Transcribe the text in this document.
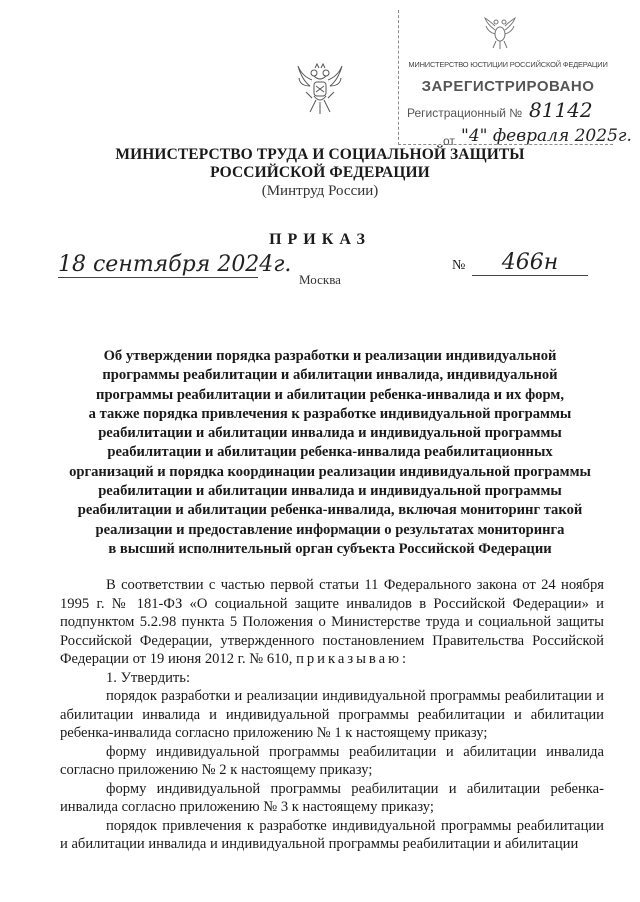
МИНИСТЕРСТВО ЮСТИЦИИ РОССИЙСКОЙ ФЕДЕРАЦИИ
ЗАРЕГИСТРИРОВАНО
Регистрационный № 81142
от "4" февраля 2025г.
МИНИСТЕРСТВО ТРУДА И СОЦИАЛЬНОЙ ЗАЩИТЫ
РОССИЙСКОЙ ФЕДЕРАЦИИ
(Минтруд России)
ПРИКАЗ
18 сентября 2024г.
Москва
№	466н
Об утверждении порядка разработки и реализации индивидуальной
программы реабилитации и абилитации инвалида, индивидуальной
программы реабилитации и абилитации ребенка-инвалида и их форм,
а также порядка привлечения к разработке индивидуальной программы
реабилитации и абилитации инвалида и индивидуальной программы
реабилитации и абилитации ребенка-инвалида реабилитационных
организаций и порядка координации реализации индивидуальной программы
реабилитации и абилитации инвалида и индивидуальной программы
реабилитации и абилитации ребенка-инвалида, включая мониторинг такой
реализации и предоставление информации о результатах мониторинга
в высший исполнительный орган субъекта Российской Федерации

В соответствии с частью первой статьи 11 Федерального закона от 24 ноября 1995 г. № 181-ФЗ «О социальной защите инвалидов в Российской Федерации» и подпунктом 5.2.98 пункта 5 Положения о Министерстве труда и социальной защиты Российской Федерации, утвержденного постановлением Правительства Российской Федерации от 19 июня 2012 г. № 610, приказываю:

1. Утвердить:

порядок разработки и реализации индивидуальной программы реабилитации и абилитации инвалида и индивидуальной программы реабилитации и абилитации ребенка-инвалида согласно приложению № 1 к настоящему приказу;

форму индивидуальной программы реабилитации и абилитации инвалида согласно приложению № 2 к настоящему приказу;

форму индивидуальной программы реабилитации и абилитации ребенка-инвалида согласно приложению № 3 к настоящему приказу;

порядок привлечения к разработке индивидуальной программы реабилитации и абилитации инвалида и индивидуальной программы реабилитации и абилитации
